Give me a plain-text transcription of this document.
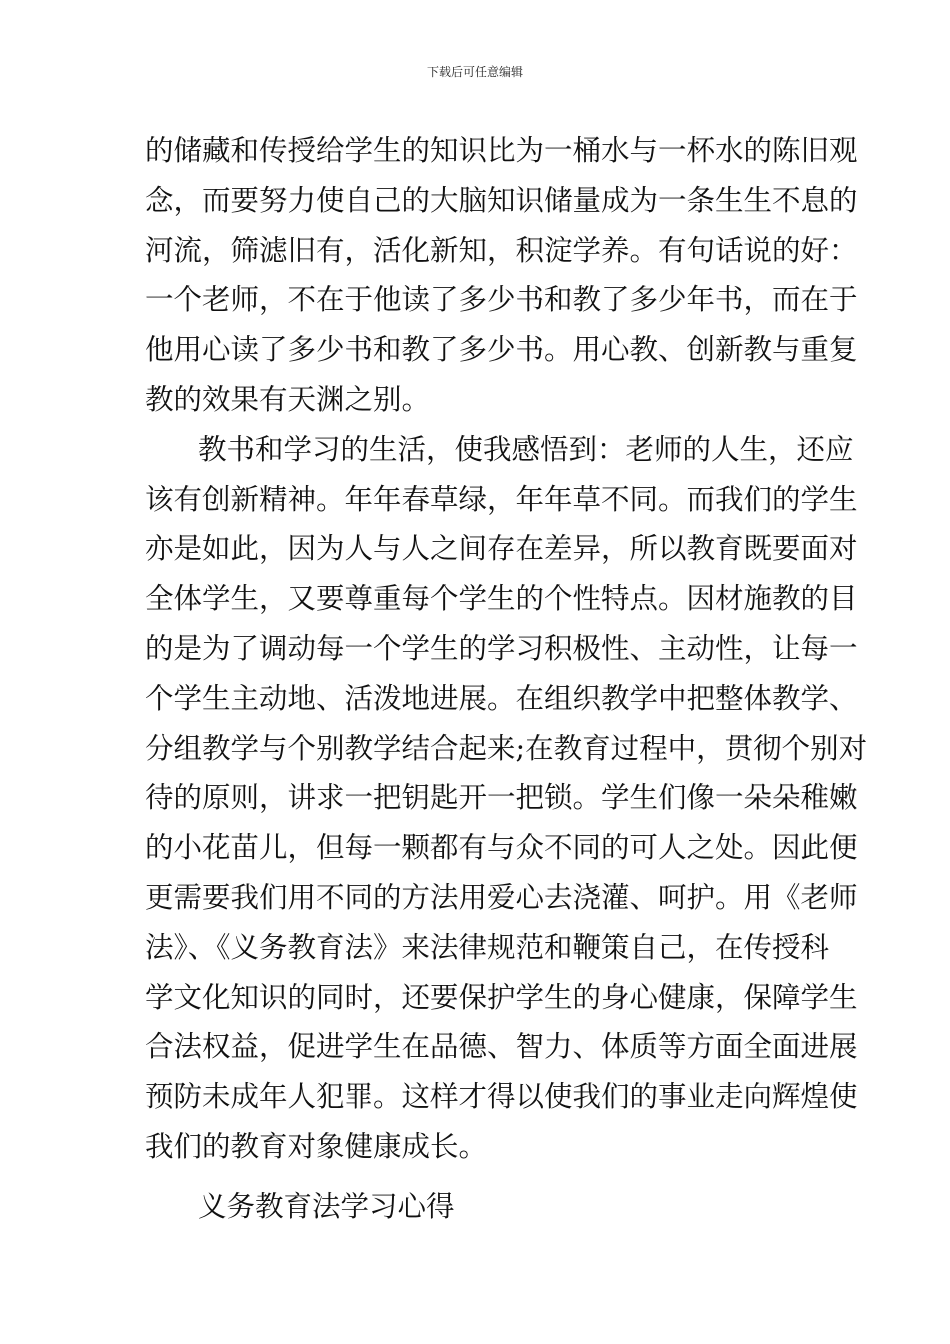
下载后可任意编辑
的储藏和传授给学生的知识比为一桶水与一杯水的陈旧观
念，而要努力使自己的大脑知识储量成为一条生生不息的
河流，筛滤旧有，活化新知，积淀学养。有句话说的好：
一个老师，不在于他读了多少书和教了多少年书，而在于
他用心读了多少书和教了多少书。用心教、创新教与重复
教的效果有天渊之别。
教书和学习的生活，使我感悟到：老师的人生，还应
该有创新精神。年年春草绿，年年草不同。而我们的学生
亦是如此，因为人与人之间存在差异，所以教育既要面对
全体学生，又要尊重每个学生的个性特点。因材施教的目
的是为了调动每一个学生的学习积极性、主动性，让每一
个学生主动地、活泼地进展。在组织教学中把整体教学、
分组教学与个别教学结合起来;在教育过程中，贯彻个别对
待的原则，讲求一把钥匙开一把锁。学生们像一朵朵稚嫩
的小花苗儿，但每一颗都有与众不同的可人之处。因此便
更需要我们用不同的方法用爱心去浇灌、呵护。用《老师
法》、《义务教育法》来法律规范和鞭策自己，在传授科
学文化知识的同时，还要保护学生的身心健康，保障学生
合法权益，促进学生在品德、智力、体质等方面全面进展
预防未成年人犯罪。这样才得以使我们的事业走向辉煌使
我们的教育对象健康成长。
义务教育法学习心得
